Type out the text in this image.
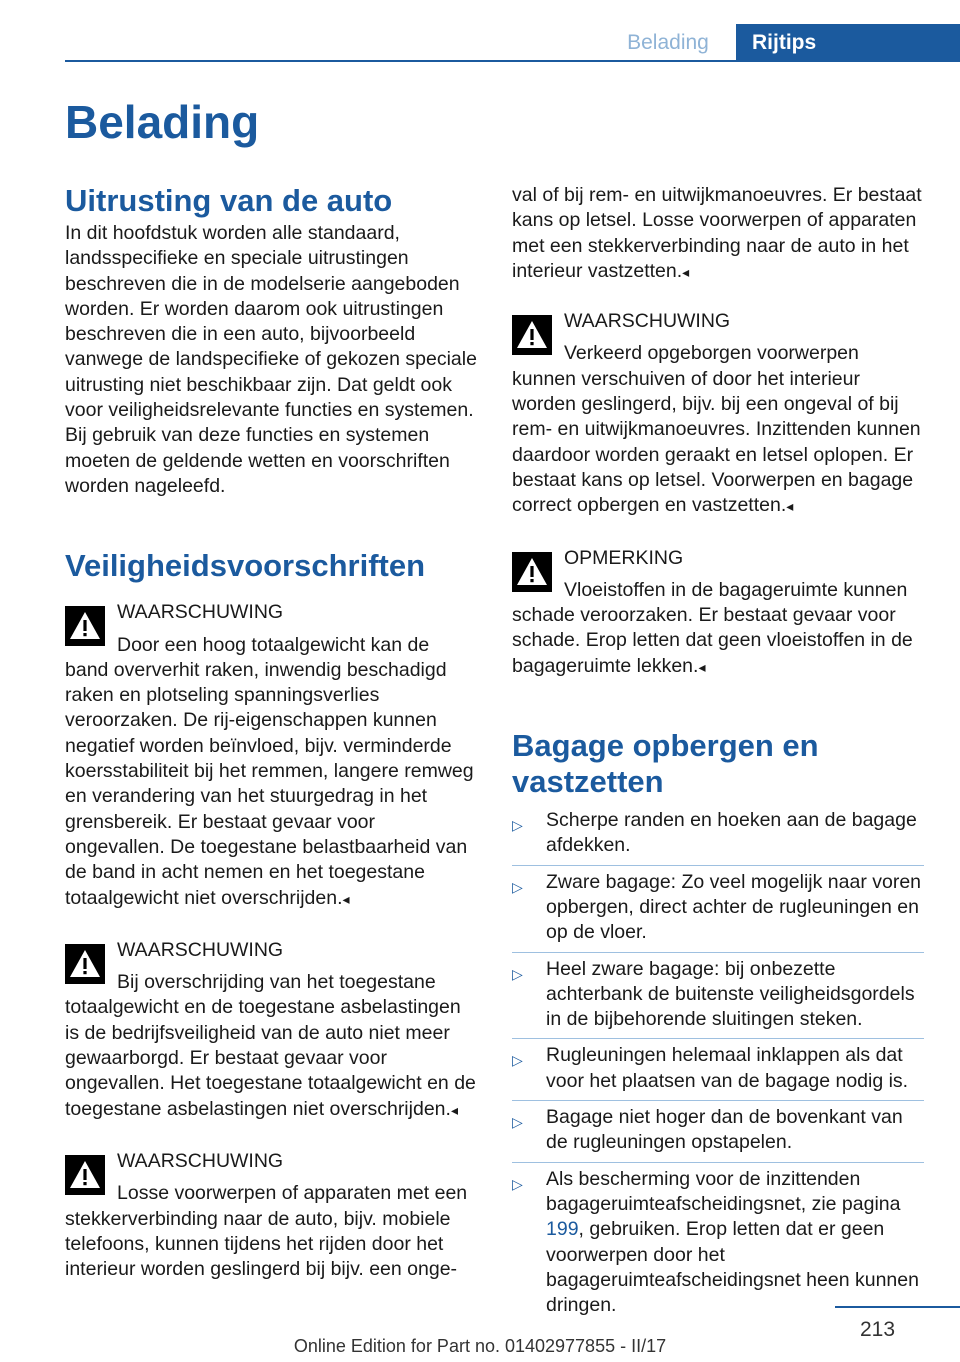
Belading	Rijtips
Belading
Uitrusting van de auto

In dit hoofdstuk worden alle standaard, landsspecifieke en speciale uitrustingen beschreven die in de modelserie aangeboden worden. Er worden daarom ook uitrustingen beschreven die in een auto, bijvoorbeeld vanwege de landspecifieke of gekozen speciale uitrusting niet beschikbaar zijn. Dat geldt ook voor veiligheidsrelevante functies en systemen. Bij gebruik van deze functies en systemen moeten de geldende wetten en voorschriften worden nageleefd.

Veiligheidsvoorschriften
WAARSCHUWING

Door een hoog totaalgewicht kan de band oververhit raken, inwendig beschadigd raken en plotseling spanningsverlies veroorzaken. De rij-eigenschappen kunnen negatief worden beïnvloed, bijv. verminderde koersstabiliteit bij het remmen, langere remweg en verandering van het stuurgedrag in het grensbereik. Er bestaat gevaar voor ongevallen. De toegestane belastbaarheid van de band in acht nemen en het toegestane totaalgewicht niet overschrijden.◂

WAARSCHUWING

Bij overschrijding van het toegestane totaalgewicht en de toegestane asbelastingen is de bedrijfsveiligheid van de auto niet meer gewaarborgd. Er bestaat gevaar voor ongevallen. Het toegestane totaalgewicht en de toegestane asbelastingen niet overschrijden.◂

WAARSCHUWING

Losse voorwerpen of apparaten met een stekkerverbinding naar de auto, bijv. mobiele telefoons, kunnen tijdens het rijden door het interieur worden geslingerd bij bijv. een onge-

val of bij rem- en uitwijkmanoeuvres. Er bestaat kans op letsel. Losse voorwerpen of apparaten met een stekkerverbinding naar de auto in het interieur vastzetten.◂

WAARSCHUWING

Verkeerd opgeborgen voorwerpen kunnen verschuiven of door het interieur worden geslingerd, bijv. bij een ongeval of bij rem- en uitwijkmanoeuvres. Inzittenden kunnen daardoor worden geraakt en letsel oplopen. Er bestaat kans op letsel. Voorwerpen en bagage correct opbergen en vastzetten.◂

OPMERKING

Vloeistoffen in de bagageruimte kunnen schade veroorzaken. Er bestaat gevaar voor schade. Erop letten dat geen vloeistoffen in de bagageruimte lekken.◂

Bagage opbergen en vastzetten
▷ Scherpe randen en hoeken aan de bagage afdekken.
▷ Zware bagage: Zo veel mogelijk naar voren opbergen, direct achter de rugleuningen en op de vloer.
▷ Heel zware bagage: bij onbezette achterbank de buitenste veiligheidsgordels in de bijbehorende sluitingen steken.
▷ Rugleuningen helemaal inklappen als dat voor het plaatsen van de bagage nodig is.
▷ Bagage niet hoger dan de bovenkant van de rugleuningen opstapelen.
▷ Als bescherming voor de inzittenden bagageruimteafscheidingsnet, zie pagina 199, gebruiken. Erop letten dat er geen voorwerpen door het bagageruimteafscheidingsnet heen kunnen dringen.
213
Online Edition for Part no. 01402977855 - II/17
